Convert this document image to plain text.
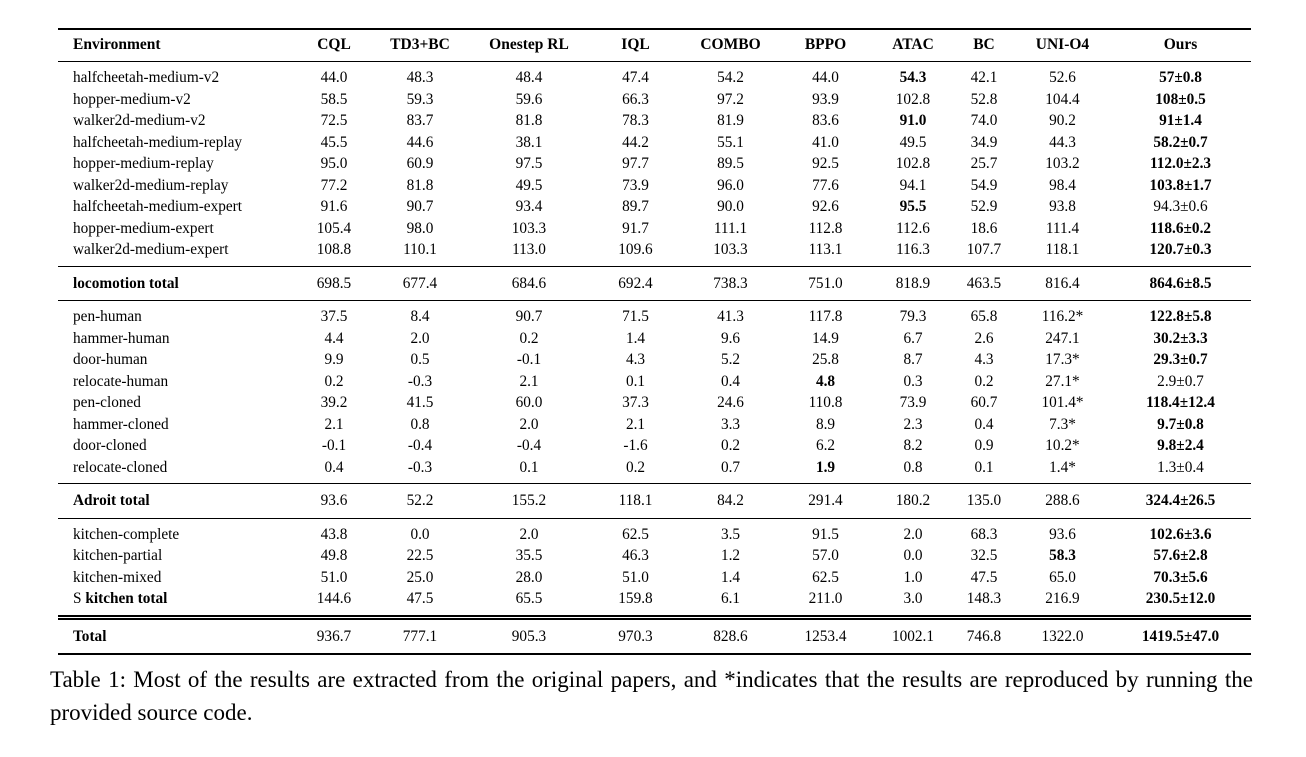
Environment	CQL	TD3+BC	Onestep RL	IQL	COMBO	BPPO	ATAC	BC	UNI-O4	Ours
halfcheetah-medium-v2	44.0	48.3	48.4	47.4	54.2	44.0	54.3	42.1	52.6	57±0.8
hopper-medium-v2	58.5	59.3	59.6	66.3	97.2	93.9	102.8	52.8	104.4	108±0.5
walker2d-medium-v2	72.5	83.7	81.8	78.3	81.9	83.6	91.0	74.0	90.2	91±1.4
halfcheetah-medium-replay	45.5	44.6	38.1	44.2	55.1	41.0	49.5	34.9	44.3	58.2±0.7
hopper-medium-replay	95.0	60.9	97.5	97.7	89.5	92.5	102.8	25.7	103.2	112.0±2.3
walker2d-medium-replay	77.2	81.8	49.5	73.9	96.0	77.6	94.1	54.9	98.4	103.8±1.7
halfcheetah-medium-expert	91.6	90.7	93.4	89.7	90.0	92.6	95.5	52.9	93.8	94.3±0.6
hopper-medium-expert	105.4	98.0	103.3	91.7	111.1	112.8	112.6	18.6	111.4	118.6±0.2
walker2d-medium-expert	108.8	110.1	113.0	109.6	103.3	113.1	116.3	107.7	118.1	120.7±0.3
locomotion total	698.5	677.4	684.6	692.4	738.3	751.0	818.9	463.5	816.4	864.6±8.5
pen-human	37.5	8.4	90.7	71.5	41.3	117.8	79.3	65.8	116.2*	122.8±5.8
hammer-human	4.4	2.0	0.2	1.4	9.6	14.9	6.7	2.6	247.1	30.2±3.3
door-human	9.9	0.5	-0.1	4.3	5.2	25.8	8.7	4.3	17.3*	29.3±0.7
relocate-human	0.2	-0.3	2.1	0.1	0.4	4.8	0.3	0.2	27.1*	2.9±0.7
pen-cloned	39.2	41.5	60.0	37.3	24.6	110.8	73.9	60.7	101.4*	118.4±12.4
hammer-cloned	2.1	0.8	2.0	2.1	3.3	8.9	2.3	0.4	7.3*	9.7±0.8
door-cloned	-0.1	-0.4	-0.4	-1.6	0.2	6.2	8.2	0.9	10.2*	9.8±2.4
relocate-cloned	0.4	-0.3	0.1	0.2	0.7	1.9	0.8	0.1	1.4*	1.3±0.4
Adroit total	93.6	52.2	155.2	118.1	84.2	291.4	180.2	135.0	288.6	324.4±26.5
kitchen-complete	43.8	0.0	2.0	62.5	3.5	91.5	2.0	68.3	93.6	102.6±3.6
kitchen-partial	49.8	22.5	35.5	46.3	1.2	57.0	0.0	32.5	58.3	57.6±2.8
kitchen-mixed	51.0	25.0	28.0	51.0	1.4	62.5	1.0	47.5	65.0	70.3±5.6
S kitchen total	144.6	47.5	65.5	159.8	6.1	211.0	3.0	148.3	216.9	230.5±12.0
Total	936.7	777.1	905.3	970.3	828.6	1253.4	1002.1	746.8	1322.0	1419.5±47.0

Table 1: Most of the results are extracted from the original papers, and *indicates that the results are reproduced by running the provided source code.
